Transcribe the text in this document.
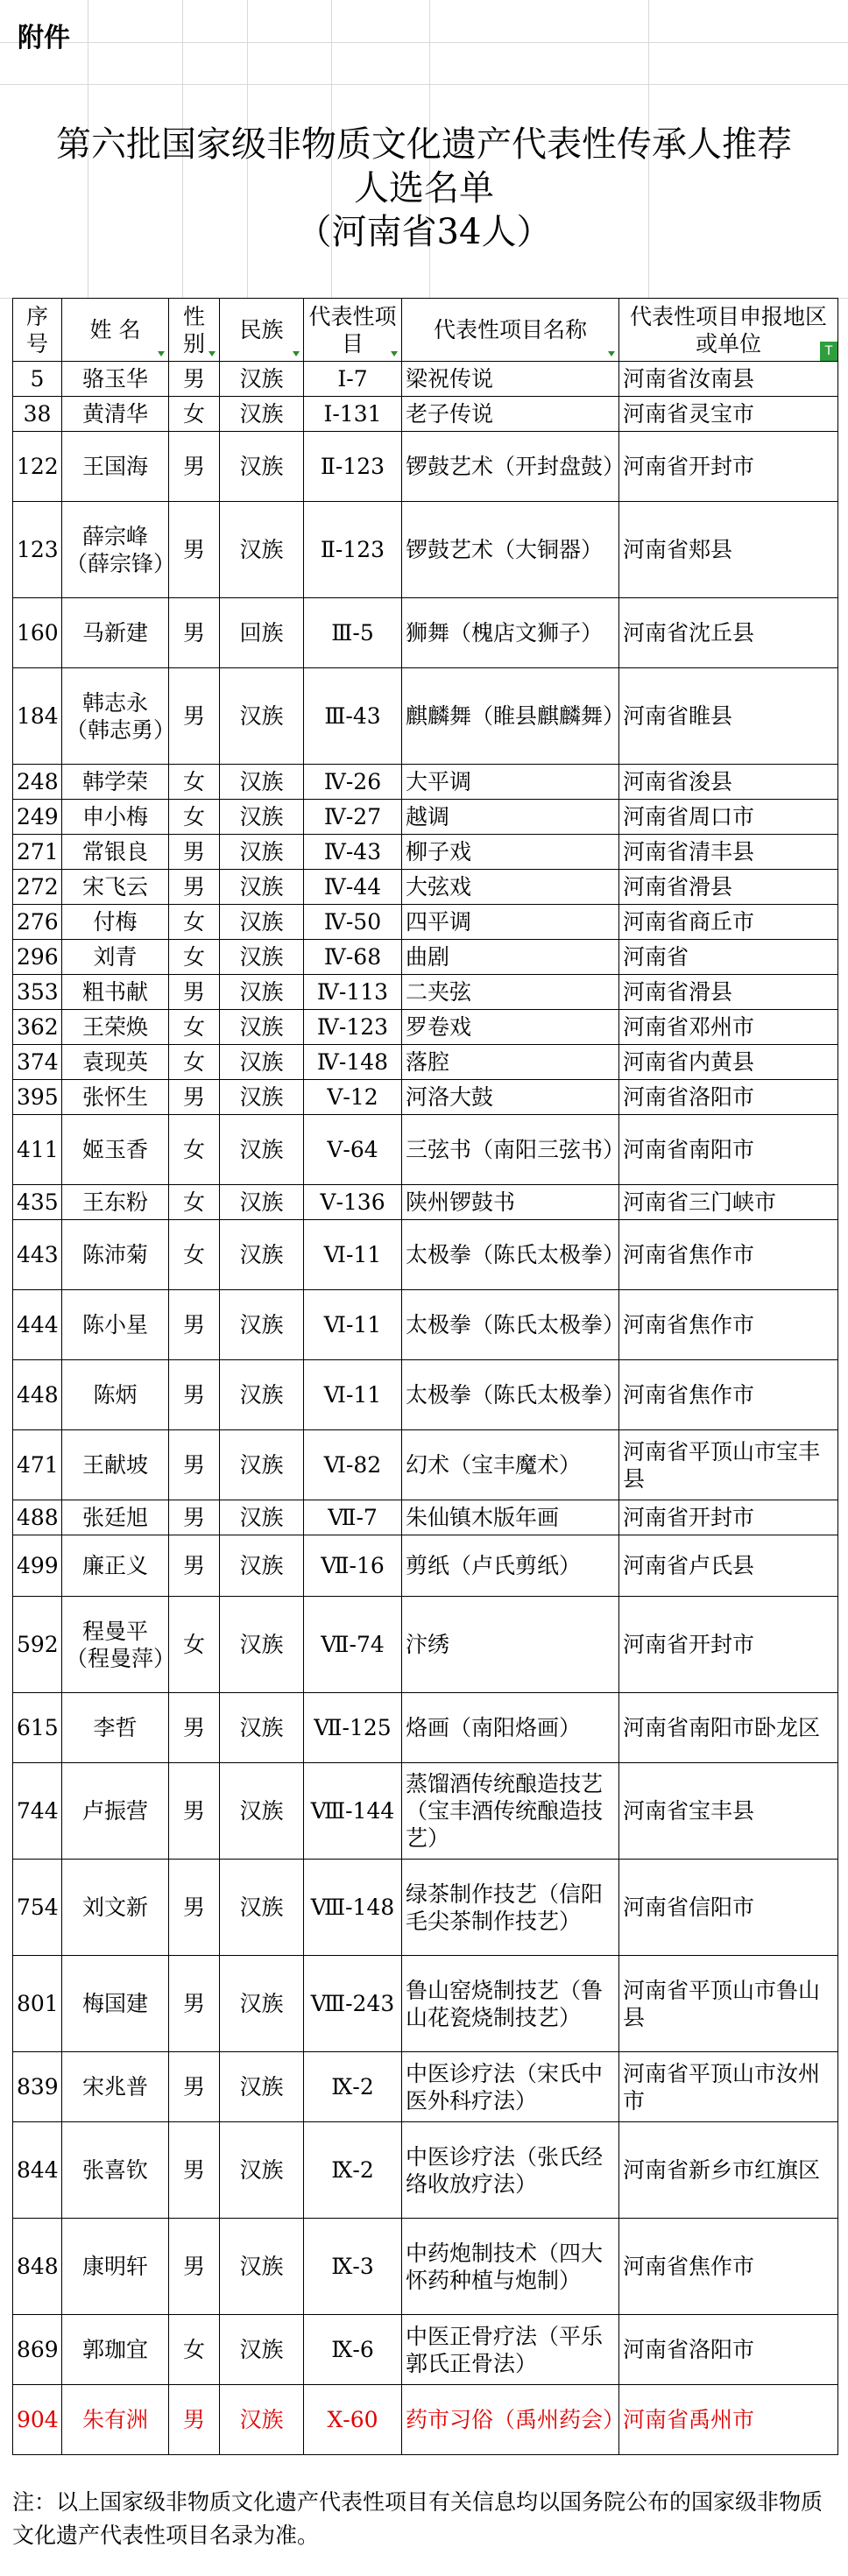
附件
第六批国家级非物质文化遗产代表性传承人推荐
人选名单
（河南省34人）
序号	姓 名	性别	民族	代表性项目	代表性项目名称	代表性项目申报地区或单位 T

5	骆玉华	男	汉族	Ⅰ-7	梁祝传说	河南省汝南县
38	黄清华	女	汉族	Ⅰ-131	老子传说	河南省灵宝市
122	王国海	男	汉族	Ⅱ-123	锣鼓艺术（开封盘鼓）	河南省开封市
123	薛宗峰（薛宗锋）	男	汉族	Ⅱ-123	锣鼓艺术（大铜器）	河南省郏县
160	马新建	男	回族	Ⅲ-5	狮舞（槐店文狮子）	河南省沈丘县
184	韩志永（韩志勇）	男	汉族	Ⅲ-43	麒麟舞（睢县麒麟舞）	河南省睢县
248	韩学荣	女	汉族	Ⅳ-26	大平调	河南省浚县
249	申小梅	女	汉族	Ⅳ-27	越调	河南省周口市
271	常银良	男	汉族	Ⅳ-43	柳子戏	河南省清丰县
272	宋飞云	男	汉族	Ⅳ-44	大弦戏	河南省滑县
276	付梅	女	汉族	Ⅳ-50	四平调	河南省商丘市
296	刘青	女	汉族	Ⅳ-68	曲剧	河南省
353	粗书献	男	汉族	Ⅳ-113	二夹弦	河南省滑县
362	王荣焕	女	汉族	Ⅳ-123	罗卷戏	河南省邓州市
374	袁现英	女	汉族	Ⅳ-148	落腔	河南省内黄县
395	张怀生	男	汉族	Ⅴ-12	河洛大鼓	河南省洛阳市
411	姬玉香	女	汉族	Ⅴ-64	三弦书（南阳三弦书）	河南省南阳市
435	王东粉	女	汉族	Ⅴ-136	陕州锣鼓书	河南省三门峡市
443	陈沛菊	女	汉族	Ⅵ-11	太极拳（陈氏太极拳）	河南省焦作市
444	陈小星	男	汉族	Ⅵ-11	太极拳（陈氏太极拳）	河南省焦作市
448	陈炳	男	汉族	Ⅵ-11	太极拳（陈氏太极拳）	河南省焦作市
471	王献坡	男	汉族	Ⅵ-82	幻术（宝丰魔术）	河南省平顶山市宝丰县
488	张廷旭	男	汉族	Ⅶ-7	朱仙镇木版年画	河南省开封市
499	廉正义	男	汉族	Ⅶ-16	剪纸（卢氏剪纸）	河南省卢氏县
592	程曼平（程曼萍）	女	汉族	Ⅶ-74	汴绣	河南省开封市
615	李哲	男	汉族	Ⅶ-125	烙画（南阳烙画）	河南省南阳市卧龙区
744	卢振营	男	汉族	Ⅷ-144	蒸馏酒传统酿造技艺（宝丰酒传统酿造技艺）	河南省宝丰县
754	刘文新	男	汉族	Ⅷ-148	绿茶制作技艺（信阳毛尖茶制作技艺）	河南省信阳市
801	梅国建	男	汉族	Ⅷ-243	鲁山窑烧制技艺（鲁山花瓷烧制技艺）	河南省平顶山市鲁山县
839	宋兆普	男	汉族	Ⅸ-2	中医诊疗法（宋氏中医外科疗法）	河南省平顶山市汝州市
844	张喜钦	男	汉族	Ⅸ-2	中医诊疗法（张氏经络收放疗法）	河南省新乡市红旗区
848	康明轩	男	汉族	Ⅸ-3	中药炮制技术（四大怀药种植与炮制）	河南省焦作市
869	郭珈宜	女	汉族	Ⅸ-6	中医正骨疗法（平乐郭氏正骨法）	河南省洛阳市
904	朱有洲	男	汉族	Ⅹ-60	药市习俗（禹州药会）	河南省禹州市
注：以上国家级非物质文化遗产代表性项目有关信息均以国务院公布的国家级非物质文化遗产代表性项目名录为准。
